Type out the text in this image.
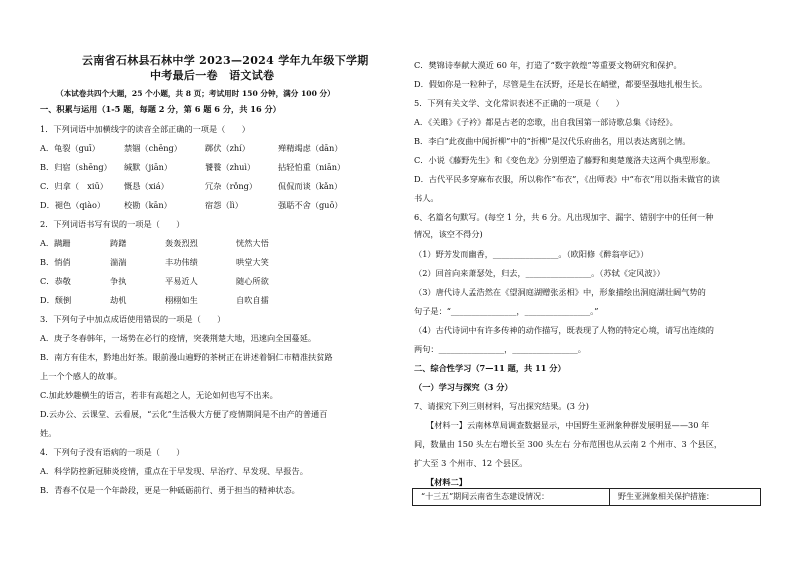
云南省石林县石林中学 2023—2024 学年九年级下学期
中考最后一卷　语文试卷
（本试卷共四个大题，25 个小题，共 8 页；考试用时 150 分钟，满分 100 分）
一、积累与运用（1-5 题，每题 2 分，第 6 题 6 分，共 16 分）
1．下列词语中加横线字的读音全部正确的一项是（　　）
A．龟裂（guī）	禁锢（chēng）	踯伏（zhí）	殚精竭虑（dān）
B．归宿（shēng） 缄默（jiān）	饕餮（zhuì）	拈轻怕重（niān）
C．归拿（　xiū） 慨恳（xiá）	冗杂（rǒng）	侃侃而谈（kǎn）
D．褪色（qiào） 校勘（kān）	宿怨（lì）	强聒不舍（guō）
2．下列词语书写有误的一项是（　　）
A．蹒跚	踌躇	轰轰烈烈	恍然大悟
B．悄俏	湍湍	丰功伟绩	哄堂大笑
C．恭敬	争执	平易近人	随心所欲
D．颓倒	劫机	栩栩如生	自吹自擂
3．下列句子中加点成语使用错误的一项是（　　）
A．庚子冬春韩年，一场势在必行的疫情，突袭荆楚大地，迅速向全国蔓延。
B．南方有佳木，黔地出好茶。眼前漫山遍野的茶树正在讲述着铜仁市精准扶贫路
上一个个感人的故事。
C.加此妙趣横生的语言，若非有高超之人，无论如何也写不出来。
D.云办公、云课堂、云看展，“云化”生活极大方便了疫情期间是不由产的普通百
姓。
4．下列句子没有语病的一项是（　　）
A．科学防控新冠肺炎疫情，重点在于早发现、早治疗、早发现、早报告。
B．青春不仅是一个年龄段，更是一种砥砺前行、勇于担当的精神状态。
C．樊锦诗奉献大漠近 60 年，打造了“数字敦煌”等重要文物研究和保护。
D．假如你是一粒种子，尽管是生在沃野，还是长在峭壁，都要坚强地扎根生长。
5．下列有关文学、文化常识表述不正确的一项是（　　）
A．《关雎》《子衿》都是古老的恋歌，出自我国第一部诗歌总集《诗经》。
B．李白“此夜曲中闻折柳”中的“折柳”是汉代乐府曲名，用以表达离别之情。
C．小说《藤野先生》和《变色龙》分别塑造了藤野和奥楚蔑洛夫这两个典型形象。
D．古代平民多穿麻布衣服，所以称作“布衣”，《出师表》中“布衣”用以指未做官的读
书人。
6、名篇名句默写。(每空 1 分，共 6 分。凡出现加字、漏字、错别字中的任何一种
情况，该空不得分)
（1）野芳发而幽香，________________。（欧阳修《醉翁亭记》）
（2）回首向来萧瑟处，归去，________________。（苏轼《定风波》）
（3）唐代诗人孟浩然在《望洞庭湖赠张丞相》中，形象描绘出洞庭湖壮阔气势的
句子是：“________________，________________。”
（4）古代诗词中有许多传神的动作描写，既表现了人物的特定心境，请写出连续的
两句：________________，________________。
二、综合性学习（7—11 题，共 11 分）
（一）学习与探究（3 分）
7、请探究下列三则材料，写出探究结果。(3 分)
【材料一】云南林草局调查数据显示，中国野生亚洲象种群发展明显——30 年
间，数量由 150 头左右增长至 300 头左右 分布范围也从云南 2 个州市、3 个县区，
扩大至 3 个州市、12 个县区。
【材料二】
“十三五”期间云南省生态建设情况：	野生亚洲象相关保护措施：
